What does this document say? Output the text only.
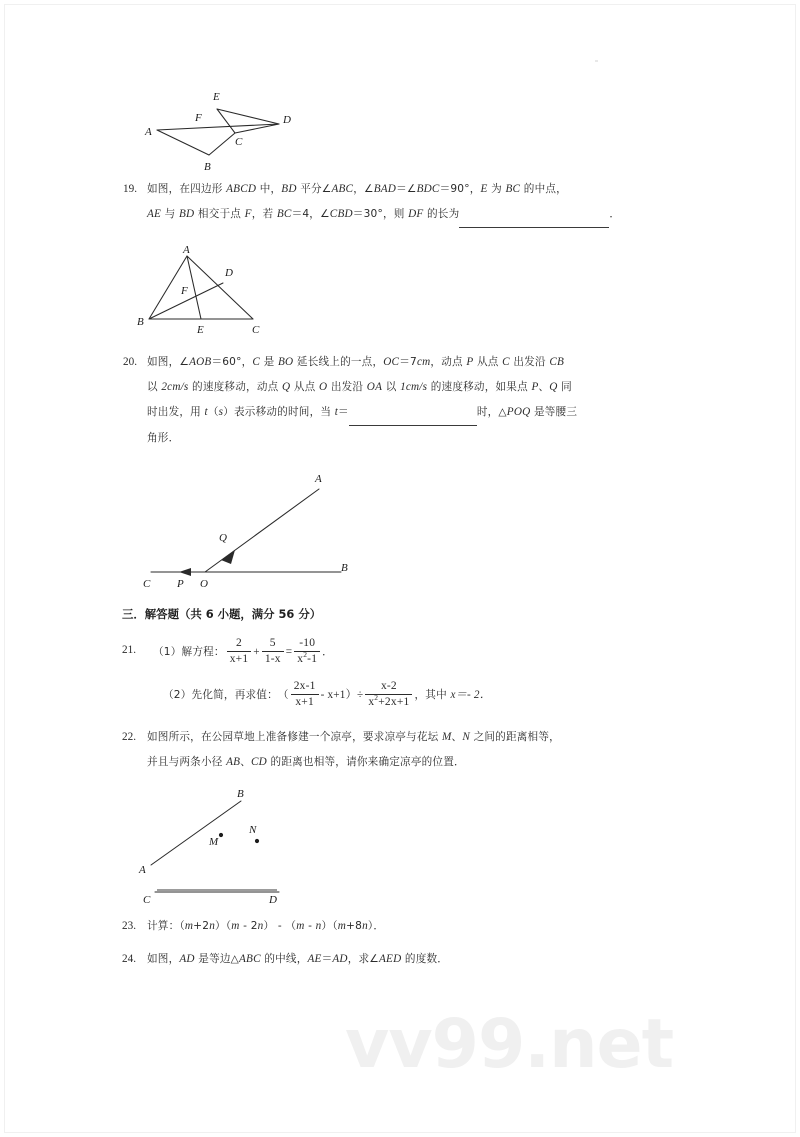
A
B
C
D
E
F
19. 如图，在四边形 ABCD 中，BD 平分∠ABC，∠BAD＝∠BDC＝90°，E 为 BC 的中点，
AE 与 BD 相交于点 F，若 BC＝4，∠CBD＝30°，则 DF 的长为	．
A
B
C
D
E
F
20. 如图，∠AOB＝60°，C 是 BO 延长线上的一点，OC＝7cm，动点 P 从点 C 出发沿 CB
以 2cm/s 的速度移动，动点 Q 从点 O 出发沿 OA 以 1cm/s 的速度移动，如果点 P、Q 同
时出发，用 t（s）表示移动的时间，当 t＝	时，△POQ 是等腰三
角形．
C P O
B
A
Q
三．解答题（共 6 小题，满分 56 分）
21. （1）解方程： $\frac{2}{x+1} + \frac{5}{1-x} = \frac{-10}{x^2-1}$ ．
（2）先化简，再求值：（ $\frac{2x-1}{x+1} - x+1)\div \frac{x-2}{x^2+2x+1}$ ，其中 x＝- 2．
22. 如图所示，在公园草地上准备修建一个凉亭，要求凉亭与花坛 M、N 之间的距离相等，
并且与两条小径 AB、CD 的距离也相等，请你来确定凉亭的位置．
A
B
C	D
M
N
23. 计算：（m+2n）（m - 2n） - （m - n）（m+8n）．
24. 如图，AD 是等边△ABC 的中线，AE＝AD，求∠AED 的度数．
vv99.net
